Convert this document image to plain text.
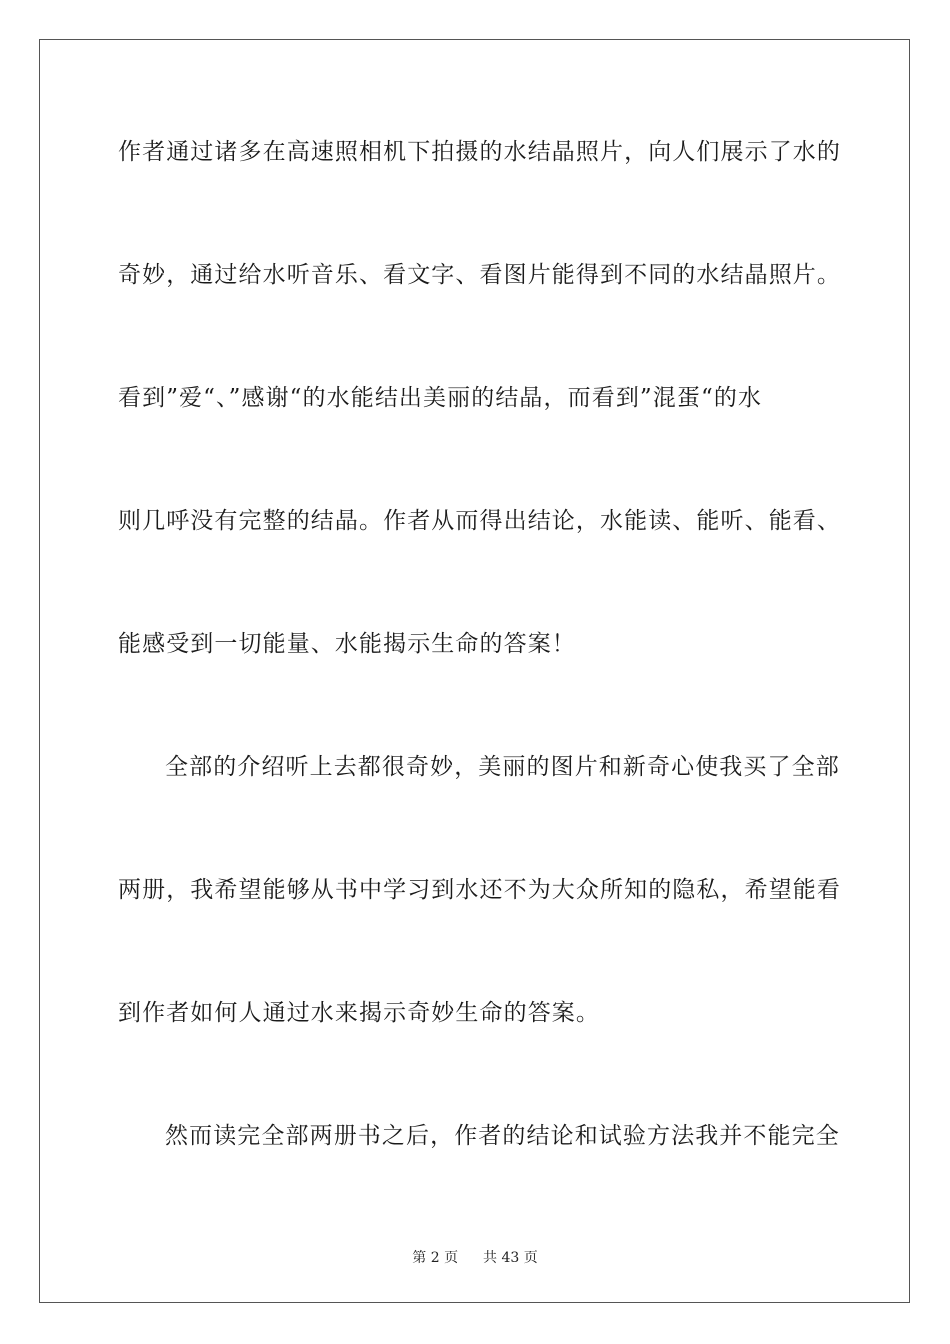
作者通过诸多在高速照相机下拍摄的水结晶照片，向人们展示了水的
奇妙，通过给水听音乐、看文字、看图片能得到不同的水结晶照片。
看到”爱“、”感谢“的水能结出美丽的结晶，而看到”混蛋“的水
则几呼没有完整的结晶。作者从而得出结论，水能读、能听、能看、
能感受到一切能量、水能揭示生命的答案！
全部的介绍听上去都很奇妙，美丽的图片和新奇心使我买了全部
两册，我希望能够从书中学习到水还不为大众所知的隐私，希望能看
到作者如何人通过水来揭示奇妙生命的答案。
然而读完全部两册书之后，作者的结论和试验方法我并不能完全
第 2 页 共 43 页
